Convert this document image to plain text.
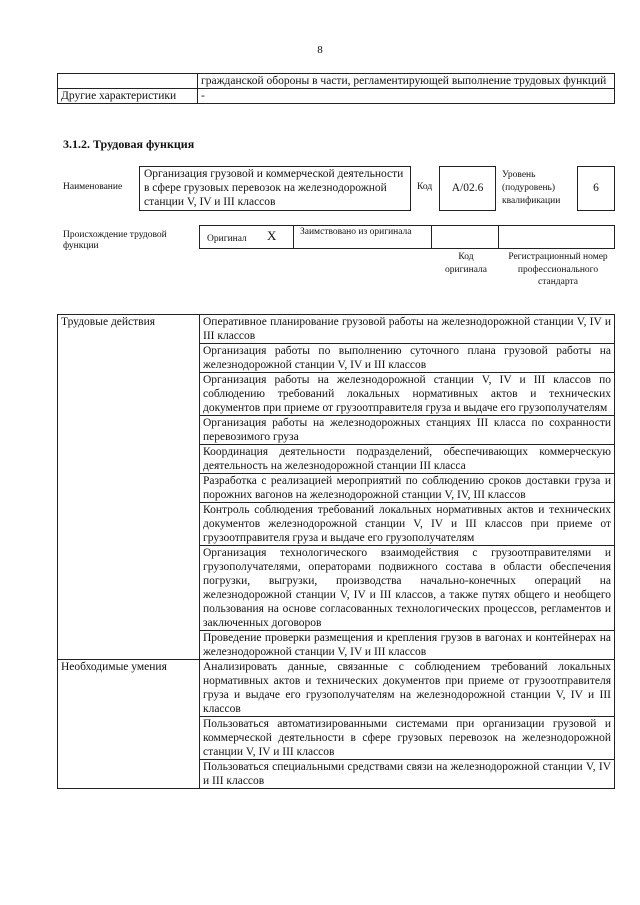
8
	гражданской обороны в части, регламентирующей выполнение трудовых функций
Другие характеристики	-
3.1.2. Трудовая функция
Наименование
Организация грузовой и коммерческой деятельности в сфере грузовых перевозок на железнодорожной станции V, IV и III классов
Код	А/02.6
Уровень (подуровень) квалификации
6
Происхождение трудовой функции
Оригинал X Заимствовано из оригинала
Код оригинала
Регистрационный номер профессионального стандарта
Трудовые действия	Оперативное планирование грузовой работы на железнодорожной станции V, IV и III классов
	Организация работы по выполнению суточного плана грузовой работы на железнодорожной станции V, IV и III классов
	Организация работы на железнодорожной станции V, IV и III классов по соблюдению требований локальных нормативных актов и технических документов при приеме от грузоотправителя груза и выдаче его грузополучателям
	Организация работы на железнодорожных станциях III класса по сохранности перевозимого груза
	Координация деятельности подразделений, обеспечивающих коммерческую деятельность на железнодорожной станции III класса
	Разработка с реализацией мероприятий по соблюдению сроков доставки груза и порожних вагонов на железнодорожной станции V, IV, III классов
	Контроль соблюдения требований локальных нормативных актов и технических документов железнодорожной станции V, IV и III классов при приеме от грузоотправителя груза и выдаче его грузополучателям
	Организация технологического взаимодействия с грузоотправителями и грузополучателями, операторами подвижного состава в области обеспечения погрузки, выгрузки, производства начально-конечных операций на железнодорожной станции V, IV и III классов, а также путях общего и необщего пользования на основе согласованных технологических процессов, регламентов и заключенных договоров
	Проведение проверки размещения и крепления грузов в вагонах и контейнерах на железнодорожной станции V, IV и III классов
Необходимые умения	Анализировать данные, связанные с соблюдением требований локальных нормативных актов и технических документов при приеме от грузоотправителя груза и выдаче его грузополучателям на железнодорожной станции V, IV и III классов
	Пользоваться автоматизированными системами при организации грузовой и коммерческой деятельности в сфере грузовых перевозок на железнодорожной станции V, IV и III классов
	Пользоваться специальными средствами связи на железнодорожной станции V, IV и III классов
